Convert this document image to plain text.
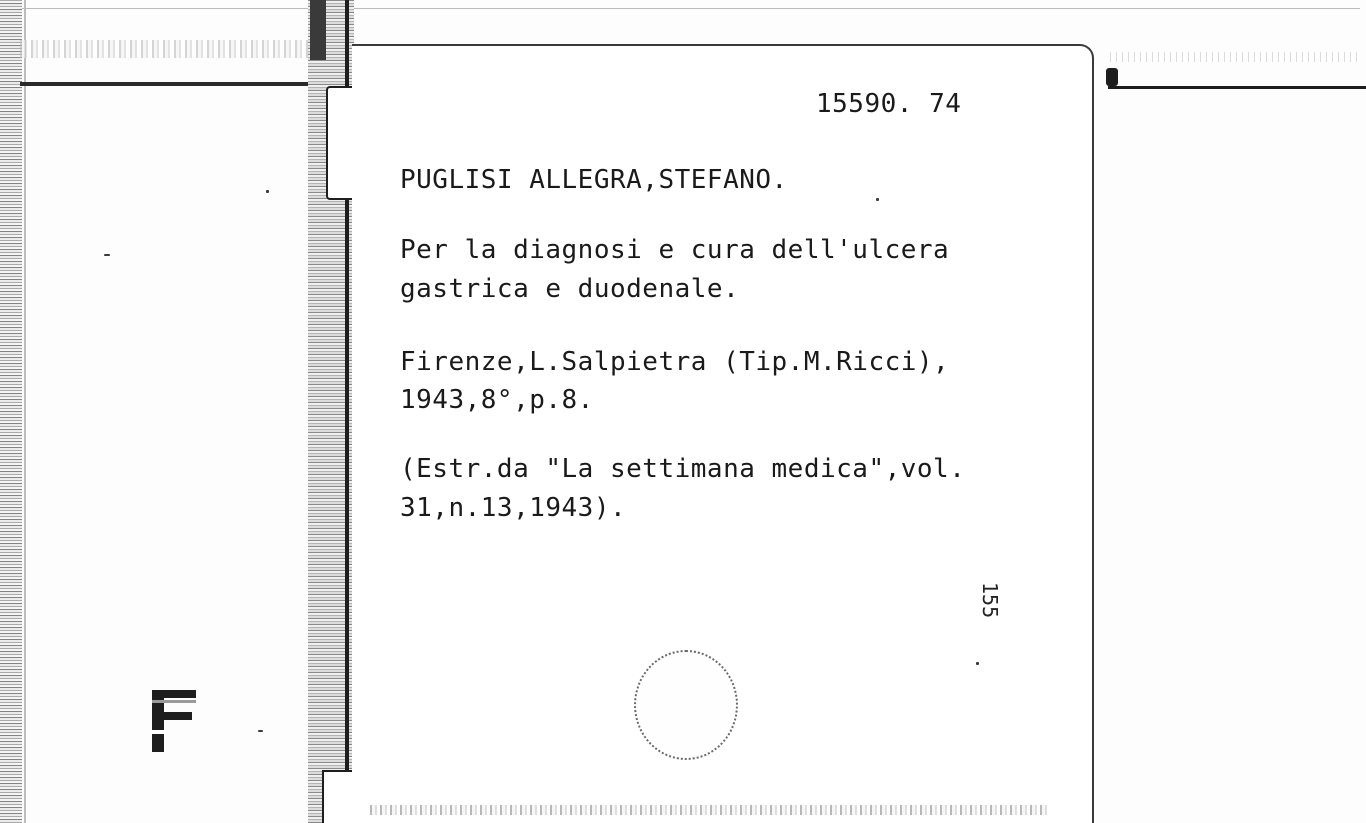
15590. 74

PUGLISI ALLEGRA,STEFANO.

Per la diagnosi e cura dell'ulcera

gastrica e duodenale.

Firenze,L.Salpietra (Tip.M.Ricci),

1943,8°,p.8.

(Estr.da "La settimana medica",vol.

31,n.13,1943).

155
